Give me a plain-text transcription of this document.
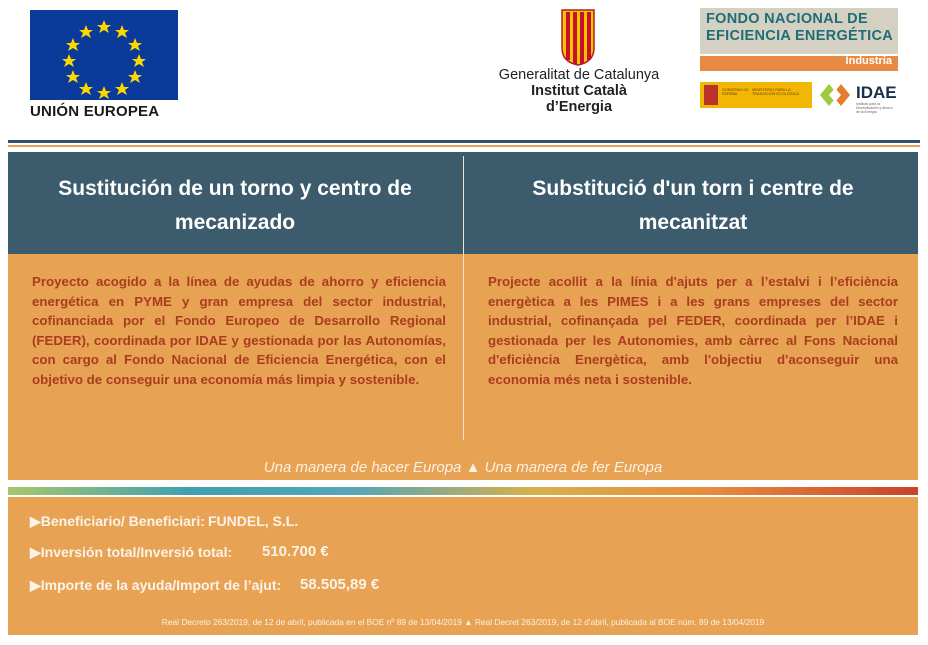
UNIÓN EUROPEA
Generalitat de Catalunya
Institut Català
d’Energia
FONDO NACIONAL DE
EFICIENCIA ENERGÉTICA
Industria
GOBIERNO DE ESPAÑA
MINISTERIO PARA LA TRANSICIÓN ECOLÓGICA	IDAE
Instituto para la Diversificación y Ahorro de la Energía
Sustitución de un torno y centro de mecanizado
Substitució d'un torn i centre de mecanitzat
Proyecto acogido a la línea de ayudas de ahorro y eficiencia energética en PYME y gran empresa del sector industrial, cofinanciada por el Fondo Europeo de Desarrollo Regional (FEDER), coordinada por IDAE y gestionada por las Autonomías, con cargo al Fondo Nacional de Eficiencia Energética, con el objetivo de conseguir una economía más limpia y sostenible.
Projecte acollit a la línia d'ajuts per a l’estalvi i l’eficiència energètica a les PIMES i a les grans empreses del sector industrial, cofinançada pel FEDER, coordinada per l’IDAE i gestionada per les Autonomies, amb càrrec al Fons Nacional d'eficiència Energètica, amb l'objectiu d'aconseguir una economia més neta i sostenible.
Una manera de hacer Europa ▲ Una manera de fer Europa
▶Beneficiario/ Beneficiari: FUNDEL, S.L.
▶Inversión total/Inversió total: 510.700 €
▶Importe de la ayuda/Import de l’ajut: 58.505,89 €
Real Decreto 263/2019, de 12 de abril, publicada en el BOE nº 89 de 13/04/2019 ▲ Real Decret 263/2019, de 12 d'abril, publicada al BOE núm. 89 de 13/04/2019
